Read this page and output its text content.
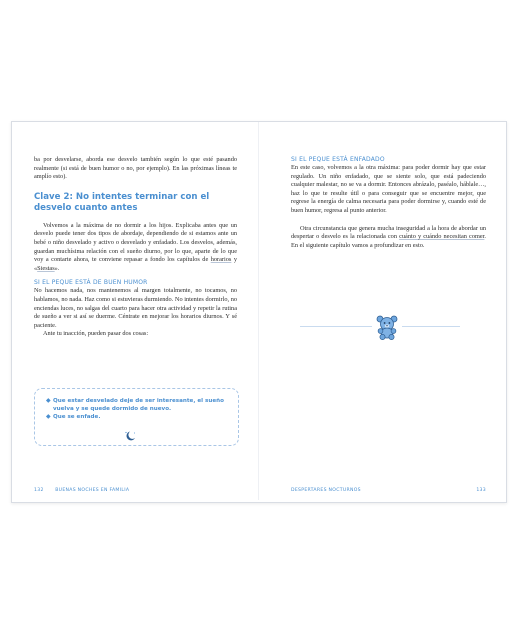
ba por desvelarse, aborda ese desvelo también según lo que esté pasando realmente (si está de buen humor o no, por ejemplo). En las próximas líneas te amplío esto).

Clave 2: No intentes terminar con el
desvelo cuanto antes

Volvemos a la máxima de no dormir a los hijos. Explicaba antes que un desvelo puede tener dos tipos de abordaje, dependiendo de si estamos ante un bebé o niño desvelado y activo o desvelado y enfadado. Los desvelos, además, guardan muchísima relación con el sueño diurno, por lo que, aparte de lo que voy a contarte ahora, te conviene repasar a fondo los capítulos de horarios y «Siestas».

SI EL PEQUE ESTÁ DE BUEN HUMOR

No hacemos nada, nos mantenemos al margen totalmente, no tocamos, no hablamos, no nada. Haz como si estuvieras durmiendo. No intentes dormirlo, no enciendas luces, no salgas del cuarto para hacer otra actividad y repetir la rutina de sueño a ver si así se duerme. Céntrate en mejorar los horarios diurnos. Y sé paciente.

Ante tu inacción, pueden pasar dos cosas:

◆ Que estar desvelado deje de ser interesante, el sueño
vuelva y se quede dormido de nuevo.
◆ Que se enfade.
132	BUENAS NOCHES EN FAMILIA

SI EL PEQUE ESTÁ ENFADADO

En este caso, volvemos a la otra máxima: para poder dormir hay que estar regulado. Un niño enfadado, que se siente solo, que está padeciendo cualquier malestar, no se va a dormir. Entonces abrázalo, paséalo, háblale…, haz lo que te resulte útil o para conseguir que se encuentre mejor, que regrese la energía de calma necesaria para poder dormirse y, cuando esté de buen humor, regresa al punto anterior.

Otra circunstancia que genera mucha inseguridad a la hora de abordar un despertar o desvelo es la relacionada con cuánto y cuándo necesitan comer. En el siguiente capítulo vamos a profundizar en esto.

DESPERTARES NOCTURNOS	133
